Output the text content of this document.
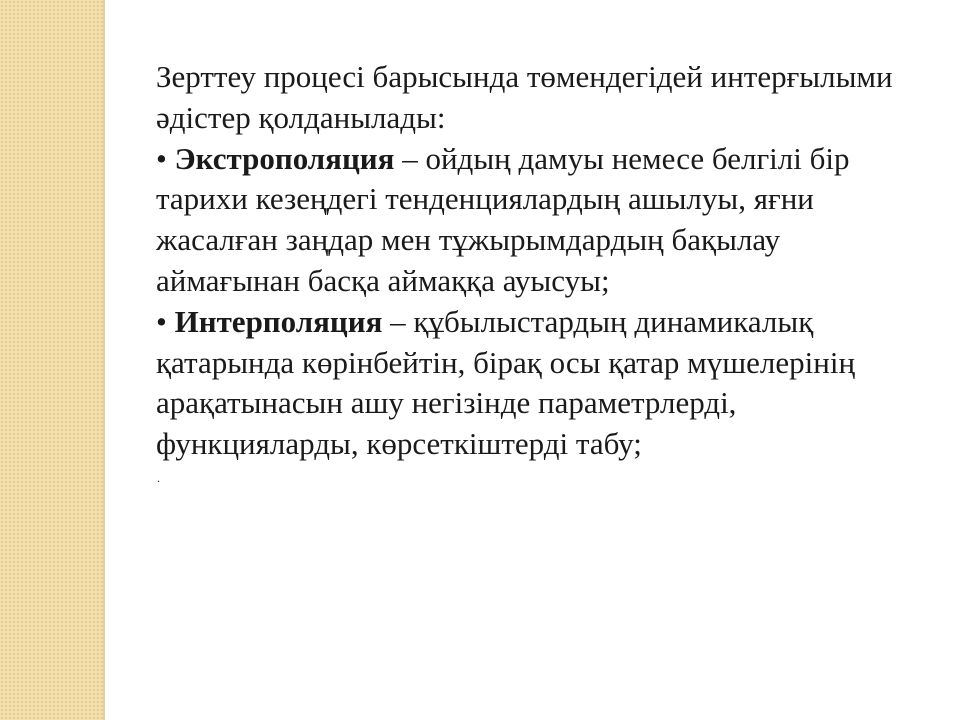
Зерттеу процесі барысында төмендегідей интерғылыми әдістер қолданылады:

• Экстрополяция – ойдың дамуы немесе белгілі бір тарихи кезеңдегі тенденциялардың ашылуы, яғни жасалған заңдар мен тұжырымдардың бақылау аймағынан басқа аймаққа ауысуы;

• Интерполяция – құбылыстардың динамикалық қатарында көрінбейтін, бірақ осы қатар мүшелерінің арақатынасын ашу негізінде параметрлерді, функцияларды, көрсеткіштерді табу;

.
